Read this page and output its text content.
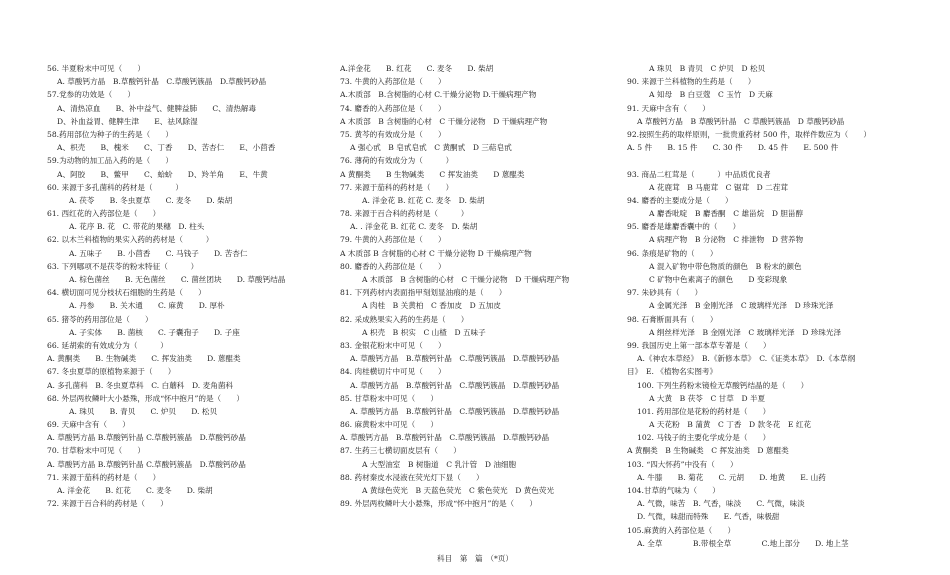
56. 半夏粉末中可见（　　）
A. 草酸钙方晶　B.草酸钙针晶　C.草酸钙簇晶　D.草酸钙砂晶
57.党参的功效是（　　）
A、清热凉血　　B、补中益气、健脾益肺　　C、清热解毒
D、补血益胃、健脾生津　　E、祛风除湿
58.药用部位为种子的生药是（　　）
A、枳壳　　B、槐米　　C、丁香　　D、苦杏仁　　E、小茴香
59.为动物的加工品入药的是（　　）
A、阿胶　　B、鳖甲　　C、蛤蚧　　D、羚羊角　　E、牛黄
60. 来源于多孔菌科的药材是（　　　）
A. 茯苓　　B. 冬虫夏草　　C. 麦冬　　D. 柴胡
61. 西红花的入药部位是（　　）
A. 花序 B. 花　C. 带花的果穗　D. 柱头
62. 以木兰科植物的果实入药的药材是（　　　）
A. 五味子　　B. 小茴香　　C. 马钱子　　D. 苦杏仁
63. 下列哪项不是茯苓的粉末特征（　　　）
A. 棕色菌丝　　B. 无色菌丝　　C. 菌丝团块　　D. 草酸钙结晶
64. 横切面可见分枝状石细胞的生药是（　　）
A. 丹参　　B. 关木通　　C. 麻黄　　D. 厚朴
65. 猪苓的药用部位是（　　）
A. 子实体　　B. 菌核　　C. 子囊孢子　　D. 子座
66. 延胡索的有效成分为（　　　）
A. 黄酮类　　B. 生物碱类　　C. 挥发油类　　D. 蒽醌类
67. 冬虫夏草的原植物来源于（　　）
A. 多孔菌科　B. 冬虫夏草科　C. 白蘑科　D. 麦角菌科
68. 外层两枚鳞叶大小悬殊，形成“怀中抱月”的是（　　）
A. 珠贝　　B. 青贝　　C. 炉贝　　D. 松贝
69. 天麻中含有（　　）
A. 草酸钙方晶 B.草酸钙针晶 C.草酸钙簇晶　D.草酸钙砂晶
70. 甘草粉末中可见（　　）
A. 草酸钙方晶 B.草酸钙针晶 C.草酸钙簇晶　D.草酸钙砂晶
71. 来源于茄科的药材是（　　）
A. 洋金花　　B. 红花　　C. 麦冬　　D. 柴胡
72. 来源于百合科的药材是（　　）
A.洋金花　　B. 红花　　C. 麦冬　　D. 柴胡
73. 牛黄的入药部位是（　　）
A.木质部　B.含树脂的心材 C.干燥分泌物 D.干燥病理产物
74. 麝香的入药部位是（　　）
A 木质部　B 含树脂的心材　C 干燥分泌物　D 干燥病理产物
75. 黄芩的有效成分是（　　）
A 强心甙　B 皂甙皂甙　C 黄酮甙　D 三萜皂甙
76. 薄荷的有效成分为（　　　）
A 黄酮类　　B 生物碱类　　C 挥发油类　　D 蒽醌类
77. 来源于茄科的药材是（　　）
A. 洋金花 B. 红花 C. 麦冬　D. 柴胡
78. 来源于百合科的药材是（　　　）
A. . 洋金花 B. 红花 C. 麦冬　D. 柴胡
79. 牛黄的入药部位是（　　）
A 木质部 B 含树脂的心材 C 干燥分泌物 D 干燥病理产物
80. 麝香的入药部位是（　　）
A 木质部　B 含树脂的心材　C 干燥分泌物　D 干燥病理产物
81. 下列药材内表面指甲刻划显油痕的是（　　）
A 肉桂　B 关黄柏　C 香加皮　D 五加皮
82. 采成熟果实入药的生药是（　　）
A 枳壳　B 枳实　C 山楂　D 五味子
83. 金银花粉末中可见（　　）
A. 草酸钙方晶　B.草酸钙针晶　C.草酸钙簇晶　D.草酸钙砂晶
84. 肉桂横切片中可见（　　）
A. 草酸钙方晶　B.草酸钙针晶　C.草酸钙簇晶　D.草酸钙砂晶
85. 甘草粉末中可见（　　）
A. 草酸钙方晶　B.草酸钙针晶　C.草酸钙簇晶　D.草酸钙砂晶
86. 麻黄粉末中可见（　　）
A. 草酸钙方晶　B.草酸钙针晶　C.草酸钙簇晶　D.草酸钙砂晶
87. 生药三七横切面皮层有（　　）
A 大型油室　B 树脂道　C 乳汁管　D 油细胞
88. 药材秦皮水浸液在荧光灯下显（　　）
A 黄绿色荧光　B 天蓝色荧光　C 紫色荧光　D 黄色荧光
89. 外层两枚鳞叶大小悬殊，形成“怀中抱月”的是（　　）
A 珠贝　B 青贝　C 炉贝　D 松贝
90. 来源于兰科植物的生药是（　　）
A 知母　B 白豆蔻　C 玉竹　D 天麻
91. 天麻中含有（　　）
A 草酸钙方晶　B 草酸钙针晶　C 草酸钙簇晶　D 草酸钙砂晶
92.按照生药的取样原则，一批贵重药材 500 件，取样件数应为（　　）
A. 5 件　　B. 15 件　　C. 30 件　　D. 45 件　　E. 500 件
93. 商品二杠茸是（　　　）中品质优良者
A 花鹿茸　B 马鹿茸　C 锯茸　D 二茬茸
94. 麝香的主要成分是（　　）
A 麝香吡啶　B 麝香酮　C 雄甾烷　D 胆甾醇
95. 麝香是雄麝香囊中的（　　）
A 病理产物　B 分泌物　C 排泄物　D 营养物
96. 条痕是矿物的（　　）
A 混入矿物中带色物质的颜色　B 粉末的颜色
C 矿物中色素离子的颜色　　D 变彩现象
97. 朱砂具有（　　）
A 金属光泽　B 金刚光泽　C 玻璃样光泽　D 珍珠光泽
98. 石膏断面具有（　　）
A 绢丝样光泽　B 金刚光泽　C 玻璃样光泽　D 珍珠光泽
99. 我国历史上第一部本草专著是（　　）
A.《神农本草经》　B.《新修本草》　C.《证类本草》　D.《本草纲
目》　E. 《植物名实图考》
100. 下列生药粉末镜检无草酸钙结晶的是（　　）
A 大黄　B 茯苓　C 甘草　D 半夏
101. 药用部位是花粉的药材是（　　）
A 天花粉　B 蒲黄　C 丁香　D 款冬花　E 红花
102. 马钱子的主要化学成分是（　　）
A 黄酮类　B 生物碱类　C 挥发油类　D 蒽醌类
103. “四大怀药”中没有（　　）
A. 牛膝　　B. 菊花　　C. 元胡　　D. 地黄　　E. 山药
104.甘草的气味为（　　）
A. 气微，味苦　B. 气香，味淡　　C. 气微，味淡
D. 气微，味甜而特殊　　E. 气香，味极甜
105.麻黄的入药部位是（　　）
A. 全草　　　　B.带根全草　　　　C.地上部分　　D. 地上茎
科目　第　篇　（*页）
